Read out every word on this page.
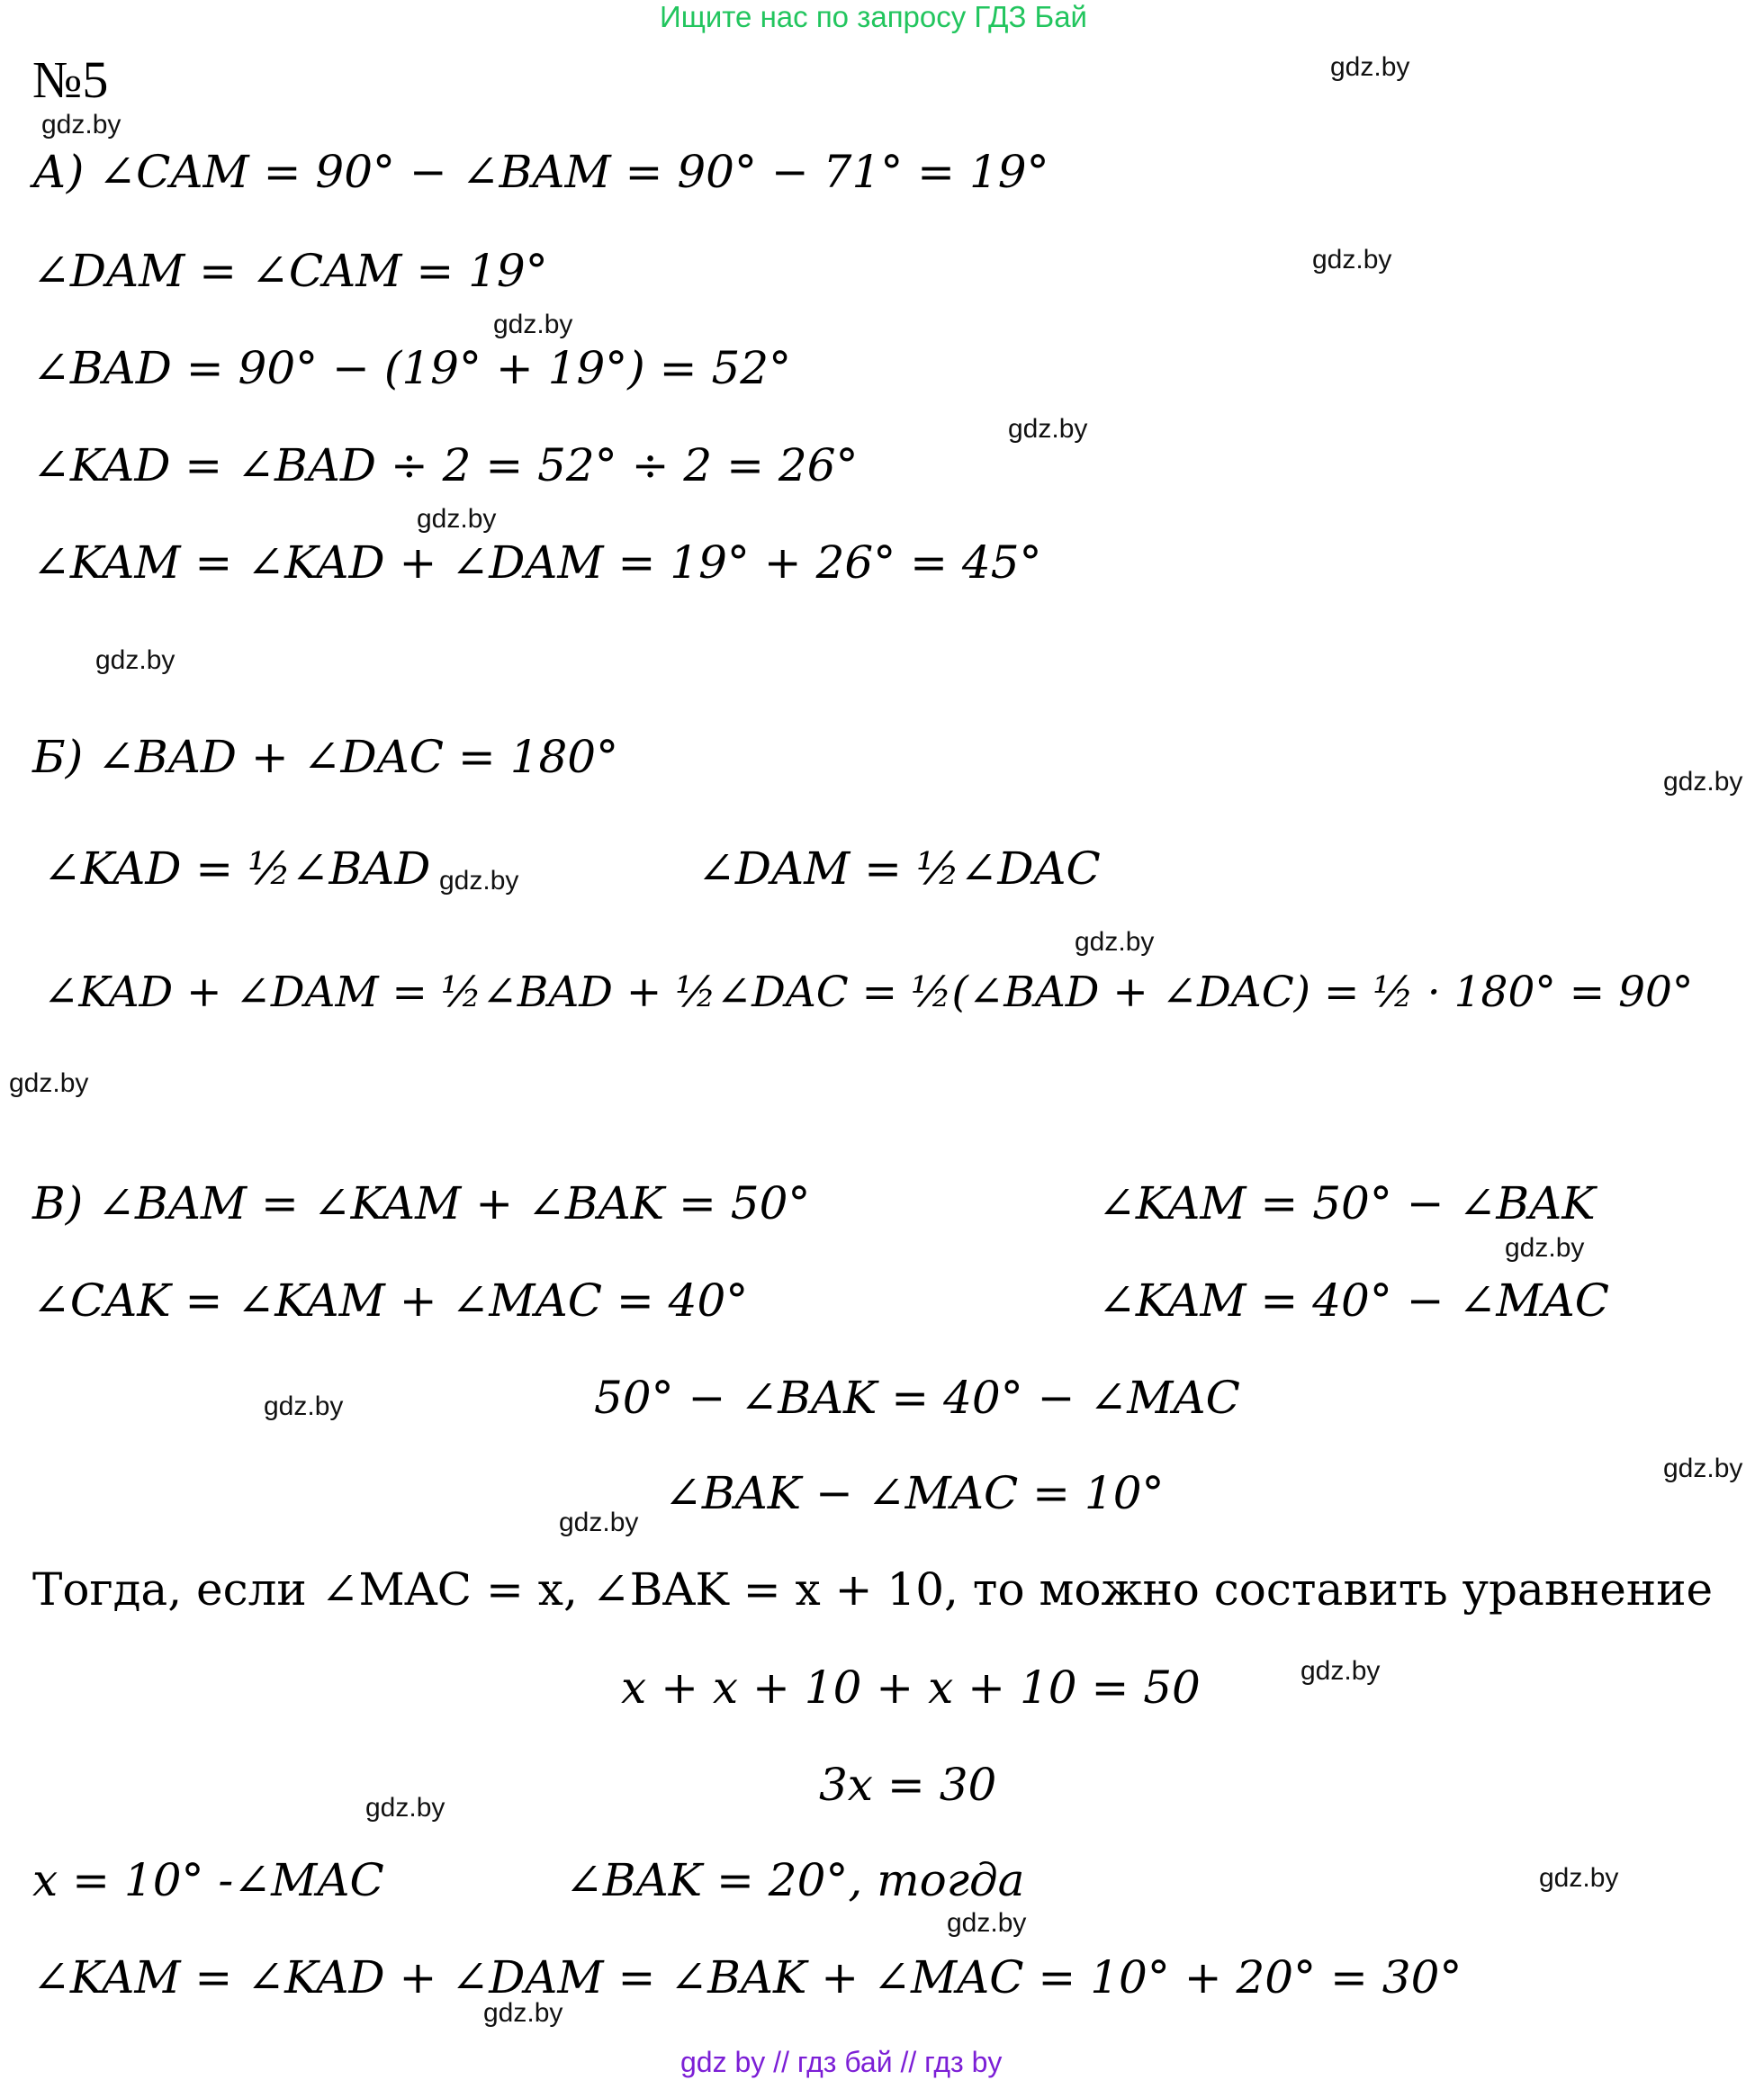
Ищите нас по запросу ГДЗ Бай
№5	gdz.by
gdz.by
gdz.by
gdz.by
gdz.by
gdz.by
gdz.by
gdz.by
gdz.by
gdz.by
gdz.by
gdz.by
gdz.by
gdz.by
gdz.by
gdz.by
gdz.by
gdz.by
gdz.by
gdz.by
А) ∠CAM = 90° − ∠BAM = 90° − 71° = 19°
∠DAM = ∠CAM = 19°
∠BAD = 90° − (19° + 19°) = 52°
∠KAD = ∠BAD ÷ 2 = 52° ÷ 2 = 26°
∠KAM = ∠KAD + ∠DAM = 19° + 26° = 45°
Б) ∠BAD + ∠DAC = 180°
∠KAD = ½∠BAD	∠DAM = ½∠DAC
∠KAD + ∠DAM = ½∠BAD + ½∠DAC = ½(∠BAD + ∠DAC) = ½ · 180° = 90°
В) ∠BAM = ∠KAM + ∠BAK = 50°	∠KAM = 50° − ∠BAK
∠CAK = ∠KAM + ∠MAC = 40°	∠KAM = 40° − ∠MAC
50° − ∠BAK = 40° − ∠MAC
∠BAK − ∠MAC = 10°
Тогда, если ∠MAC = x, ∠BAK = x + 10, то можно составить уравнение
x + x + 10 + x + 10 = 50
3x = 30
x = 10° -∠MAC	∠BAK = 20°, тогда
∠KAM = ∠KAD + ∠DAM = ∠BAK + ∠MAC = 10° + 20° = 30°
gdz by // гдз бай // гдз by
